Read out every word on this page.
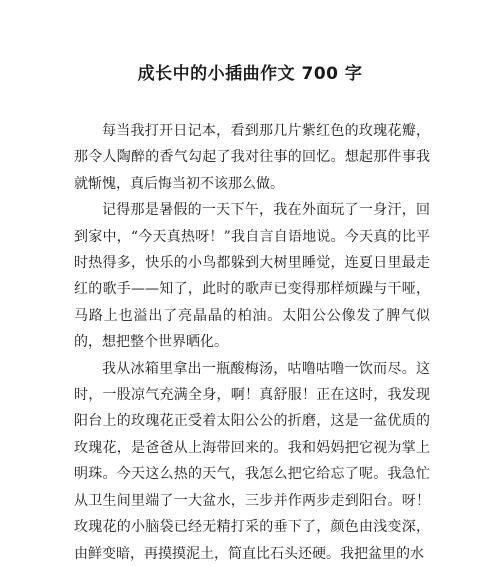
成长中的小插曲作文 700 字

每当我打开日记本，看到那几片紫红色的玫瑰花瓣，那令人陶醉的香气勾起了我对往事的回忆。想起那件事我就惭愧，真后悔当初不该那么做。

记得那是暑假的一天下午，我在外面玩了一身汗，回到家中，“今天真热呀！”我自言自语地说。今天真的比平时热得多，快乐的小鸟都躲到大树里睡觉，连夏日里最走红的歌手——知了，此时的歌声已变得那样烦躁与干哑，马路上也溢出了亮晶晶的柏油。太阳公公像发了脾气似的，想把整个世界晒化。

我从冰箱里拿出一瓶酸梅汤，咕噜咕噜一饮而尽。这时，一股凉气充满全身，啊！真舒服！正在这时，我发现阳台上的玫瑰花正受着太阳公公的折磨，这是一盆优质的玫瑰花，是爸爸从上海带回来的。我和妈妈把它视为掌上明珠。今天这么热的天气，我怎么把它给忘了呢。我急忙从卫生间里端了一大盆水，三步并作两步走到阳台。呀！玫瑰花的小脑袋已经无精打采的垂下了，颜色由浅变深，由鲜变暗，再摸摸泥土，简直比石头还硬。我把盆里的水
